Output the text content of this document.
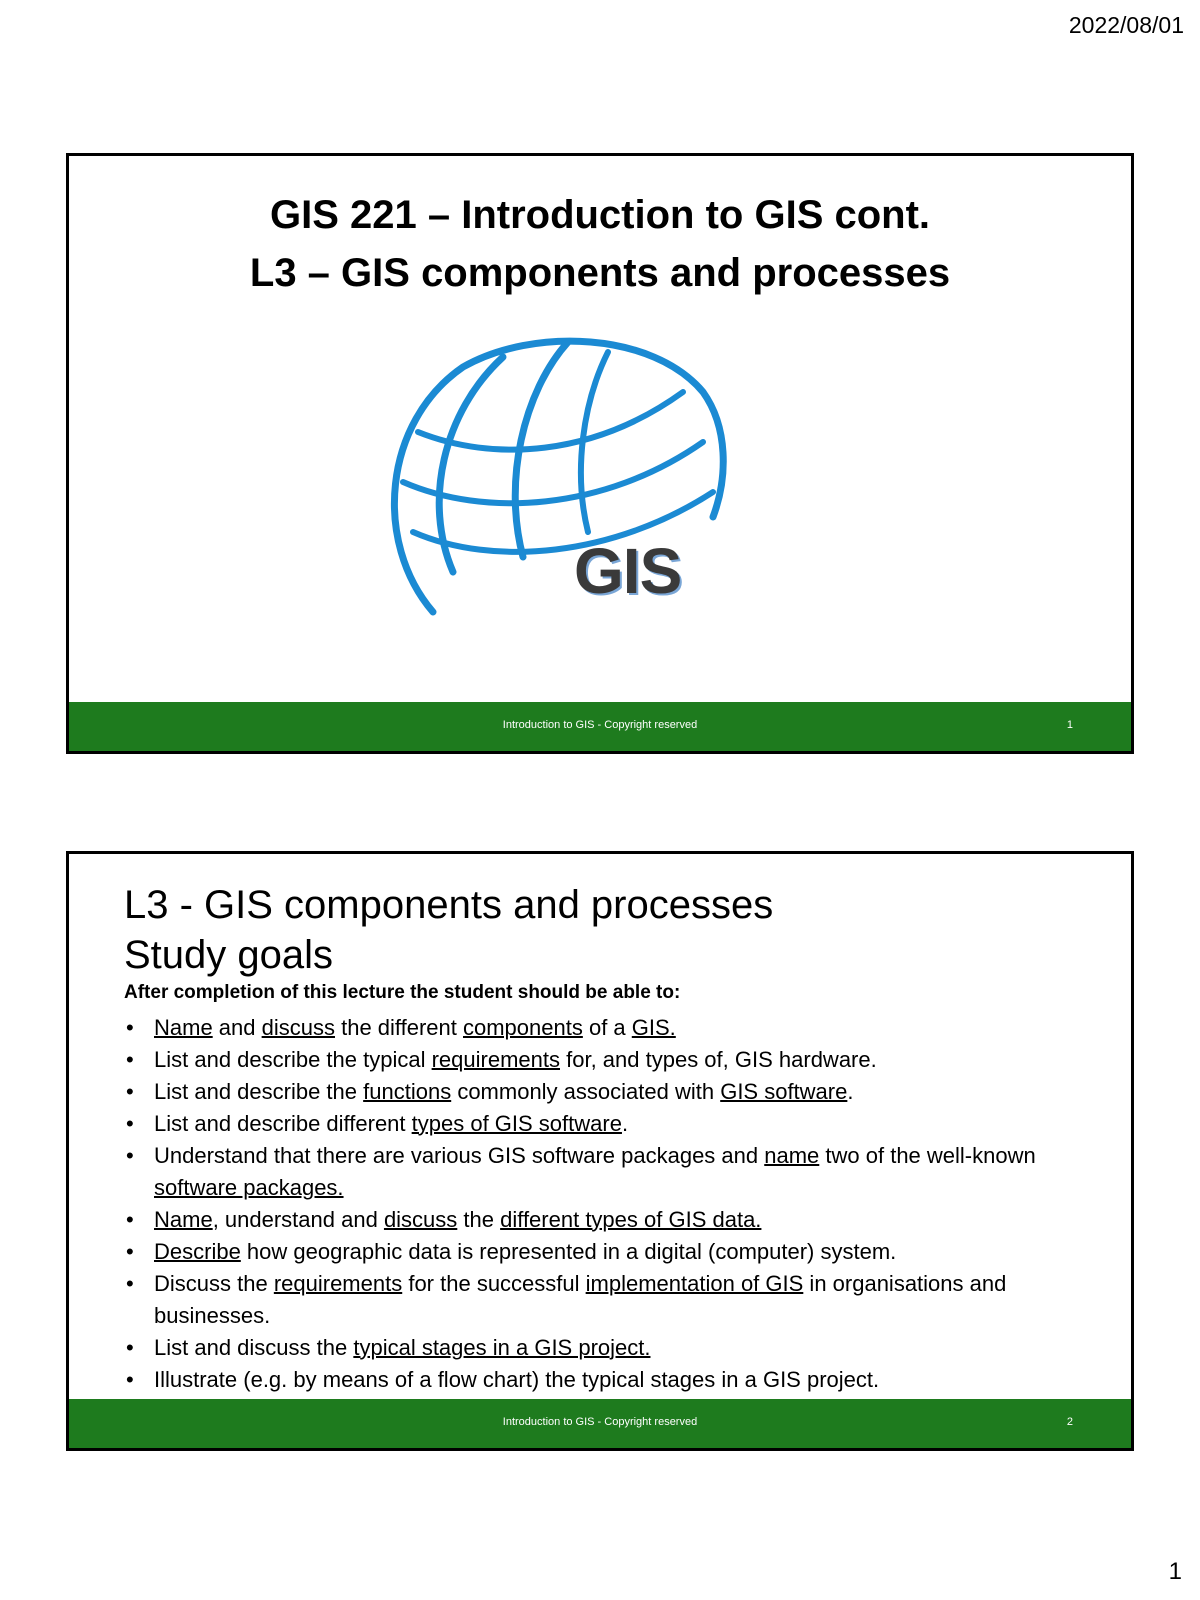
2022/08/01
GIS 221 – Introduction to GIS cont.
L3 – GIS components and processes
GIS
Introduction to GIS - Copyright reserved	1
L3 - GIS components and processes
Study goals
After completion of this lecture the student should be able to:
• Name and discuss the different components of a GIS.
• List and describe the typical requirements for, and types of, GIS hardware.
• List and describe the functions commonly associated with GIS software.
• List and describe different types of GIS software.
• Understand that there are various GIS software packages and name two of the well-known software packages.
• Name, understand and discuss the different types of GIS data.
• Describe how geographic data is represented in a digital (computer) system.
• Discuss the requirements for the successful implementation of GIS in organisations and businesses.
• List and discuss the typical stages in a GIS project.
• Illustrate (e.g. by means of a flow chart) the typical stages in a GIS project.
Introduction to GIS - Copyright reserved	2
1
